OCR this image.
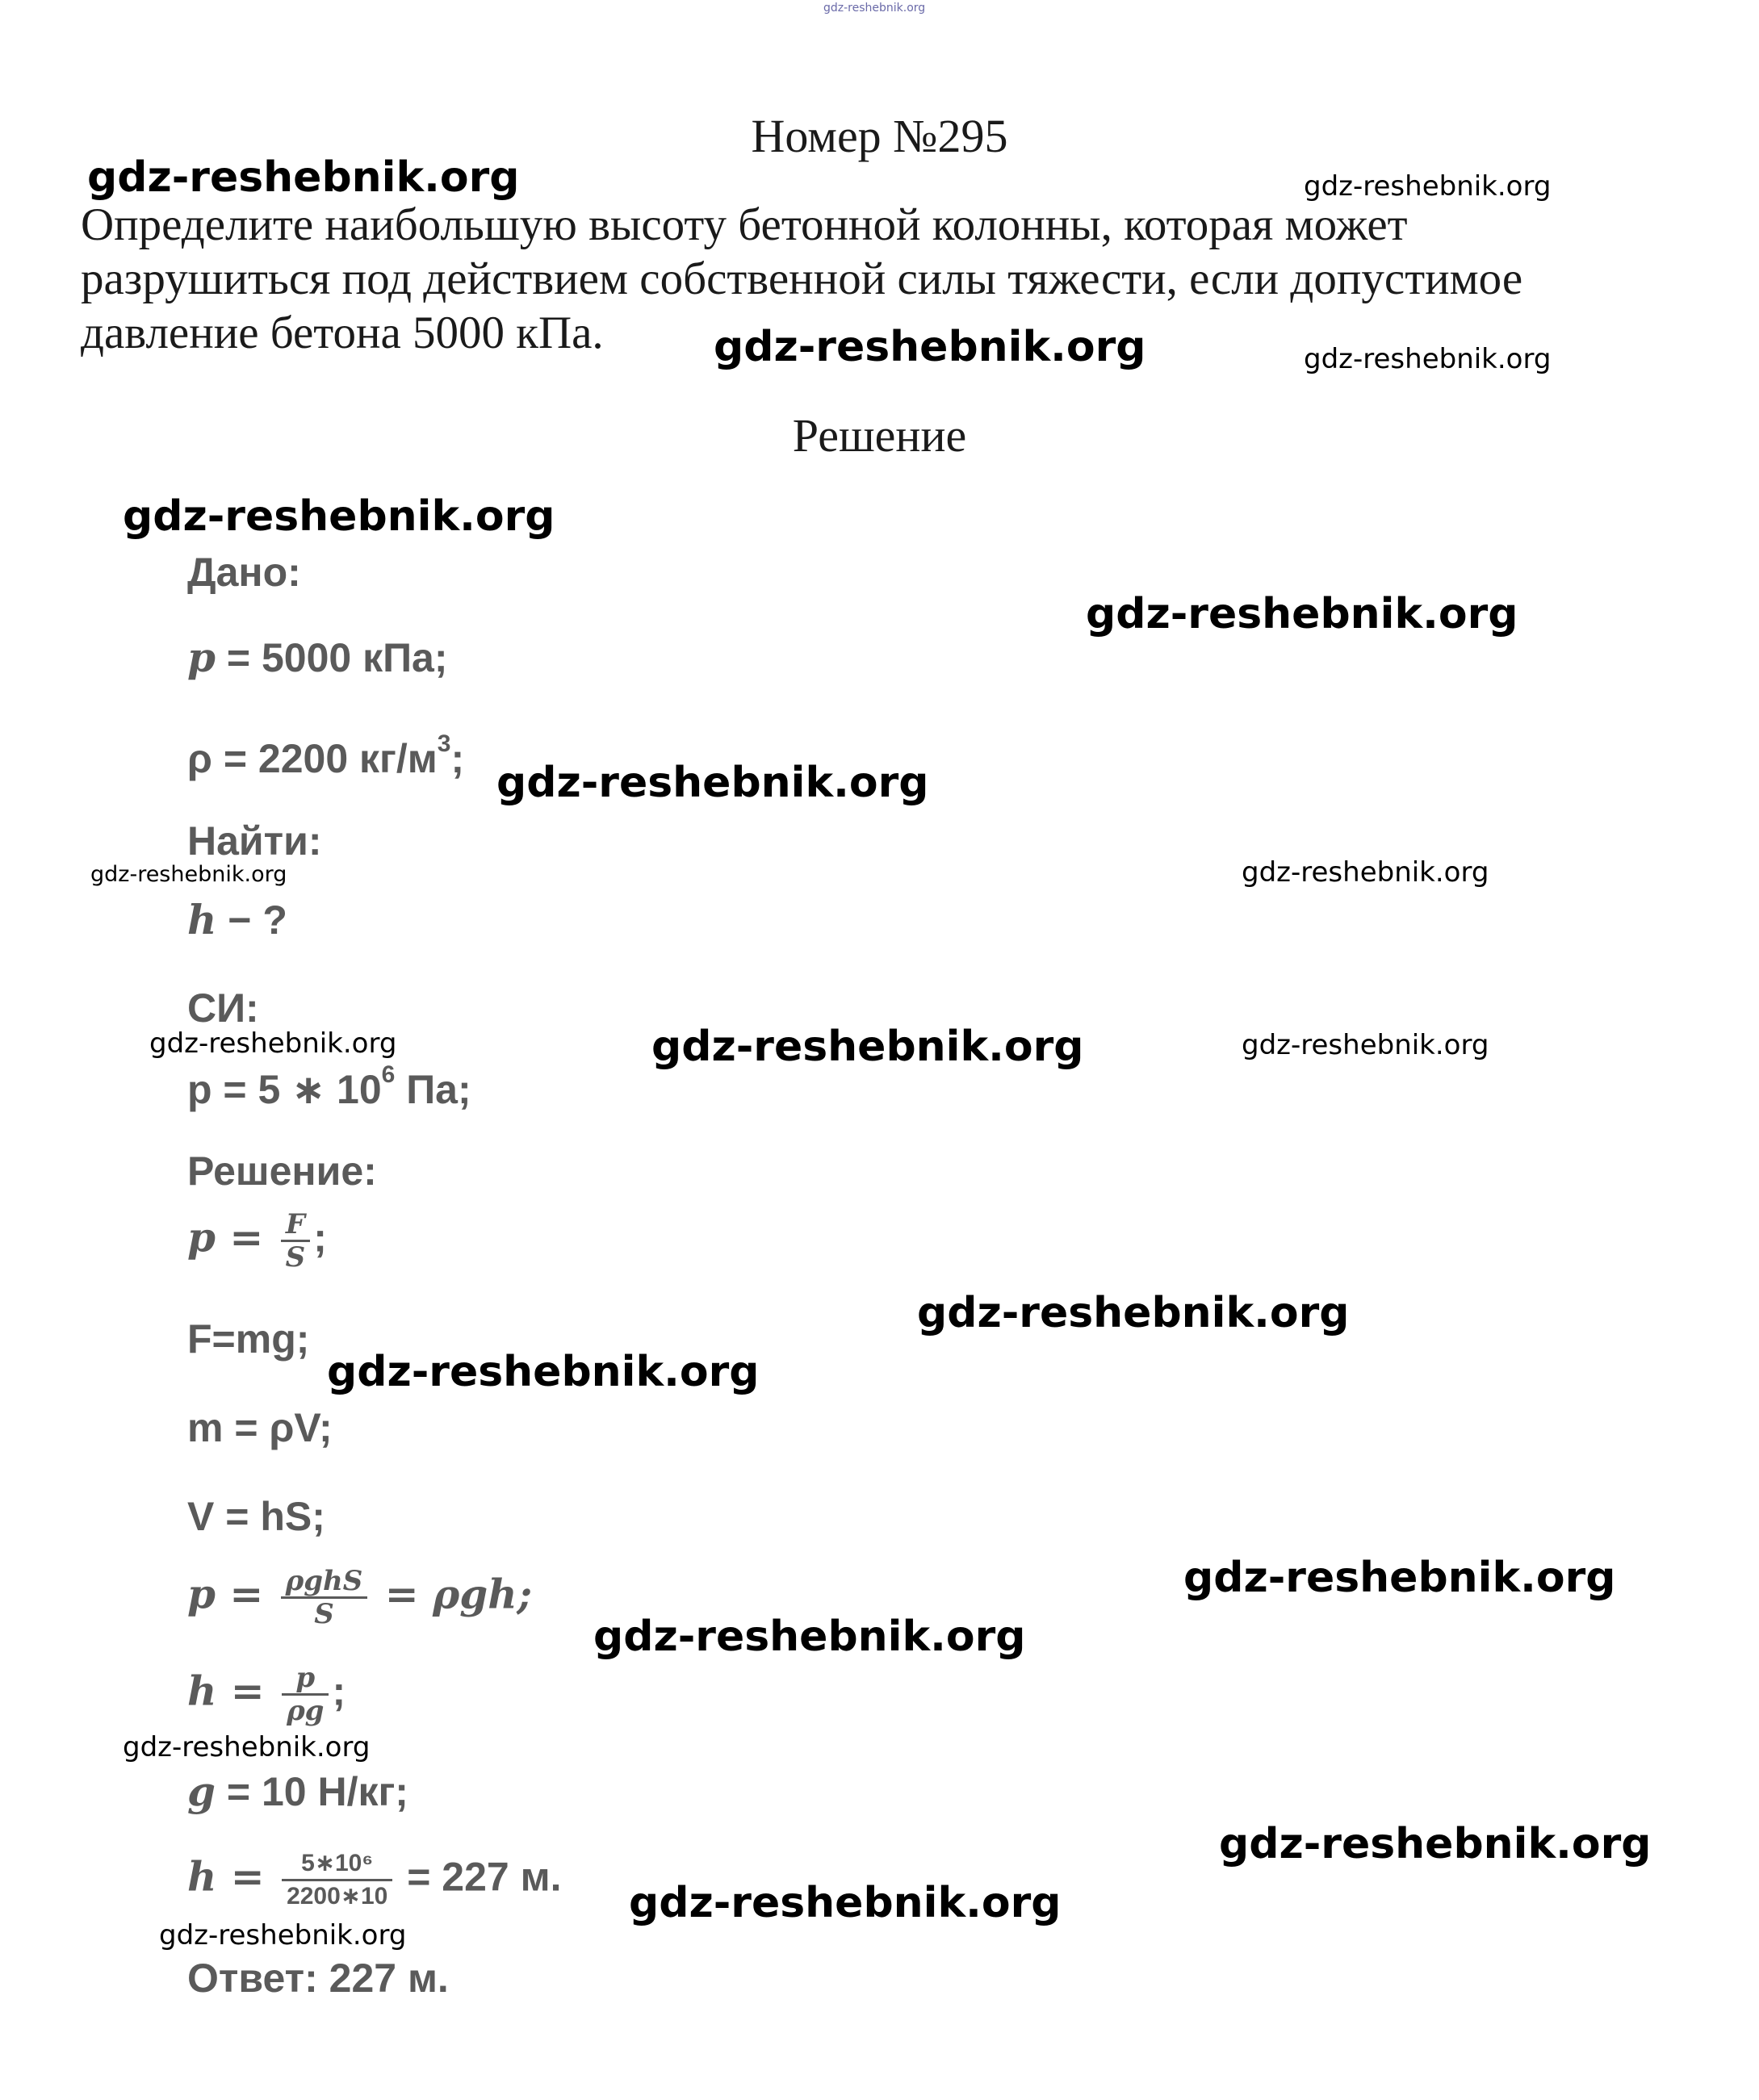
gdz-reshebnik.org
Номер №295
Определите наибольшую высоту бетонной колонны, которая может
разрушиться под действием собственной силы тяжести, если допустимое
давление бетона 5000 кПа.
Решение
Дано:
p = 5000 кПа;
ρ = 2200 $кг/м^3$;
Найти:
h − ?
СИ:
p = 5 ∗ $10^6$ Па;
Решение:
$p = \frac{F}{S}$ ;
F=mg;
m = ρV;
V = hS;
$p = \frac{\text{ρghS}}{S} = \rho gh$;
$h = \frac{p}{\rho g}$ ;
g = 10 Н/кг;
$h = \frac{\text{5∗10⁶}}{2200∗10} = 227$ м.
Ответ: 227 м.
gdz-reshebnik.org	gdz-reshebnik.org
gdz-reshebnik.org	gdz-reshebnik.org
gdz-reshebnik.org
gdz-reshebnik.org
gdz-reshebnik.org
gdz-reshebnik.org	gdz-reshebnik.org
gdz-reshebnik.org	gdz-reshebnik.org	gdz-reshebnik.org
gdz-reshebnik.org
gdz-reshebnik.org
gdz-reshebnik.org
gdz-reshebnik.org
gdz-reshebnik.org
gdz-reshebnik.org
gdz-reshebnik.org
gdz-reshebnik.org
